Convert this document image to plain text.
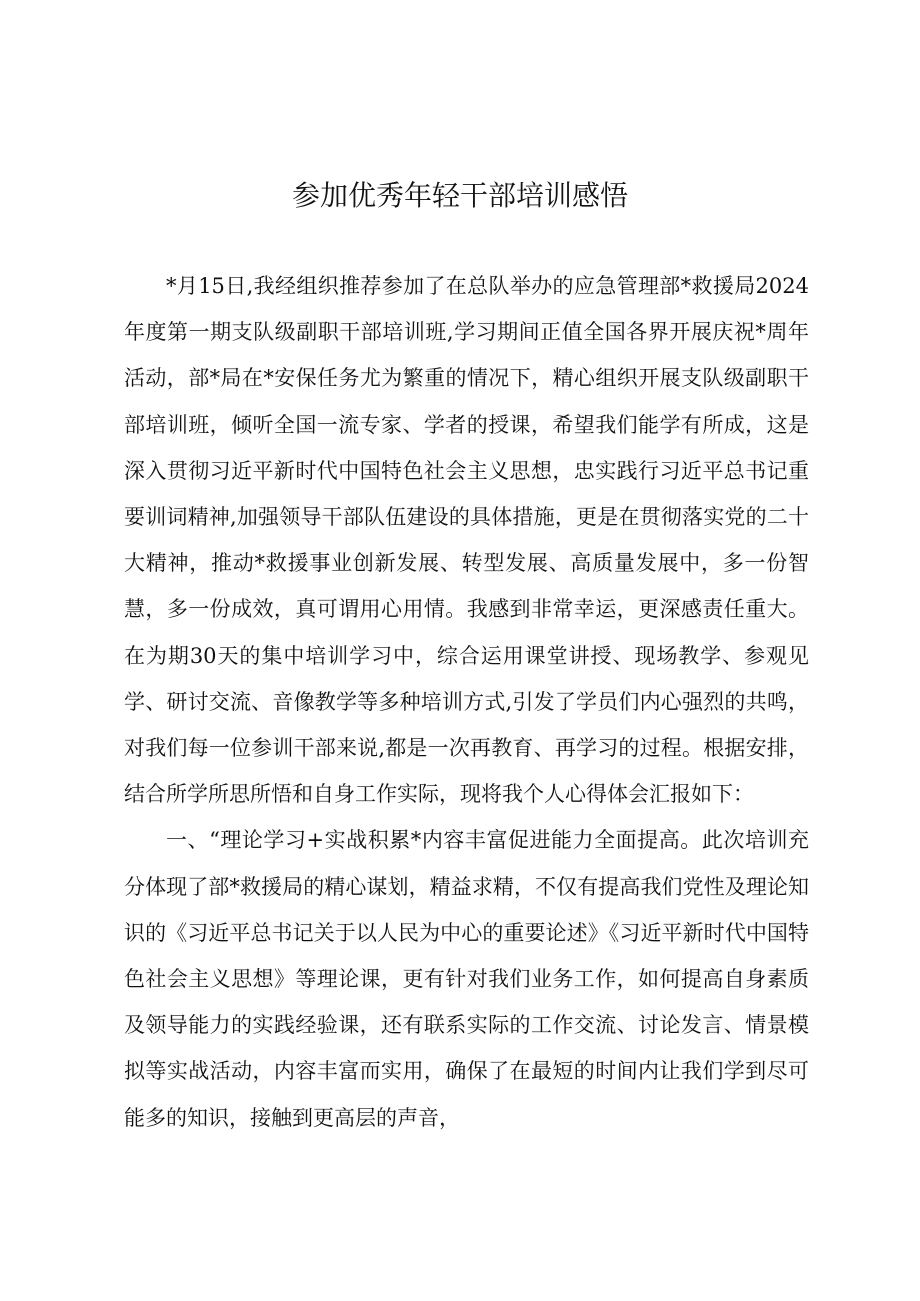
参加优秀年轻干部培训感悟

*月15日,我经组织推荐参加了在总队举办的应急管理部*救援局2024年度第一期支队级副职干部培训班,学习期间正值全国各界开展庆祝*周年活动，部*局在*安保任务尤为繁重的情况下，精心组织开展支队级副职干部培训班，倾听全国一流专家、学者的授课，希望我们能学有所成，这是深入贯彻习近平新时代中国特色社会主义思想，忠实践行习近平总书记重要训词精神,加强领导干部队伍建设的具体措施，更是在贯彻落实党的二十大精神，推动*救援事业创新发展、转型发展、高质量发展中，多一份智慧，多一份成效，真可谓用心用情。我感到非常幸运，更深感责任重大。在为期30天的集中培训学习中，综合运用课堂讲授、现场教学、参观见学、研讨交流、音像教学等多种培训方式,引发了学员们内心强烈的共鸣，对我们每一位参训干部来说,都是一次再教育、再学习的过程。根据安排，结合所学所思所悟和自身工作实际，现将我个人心得体会汇报如下：

一、“理论学习+实战积累*内容丰富促进能力全面提高。此次培训充分体现了部*救援局的精心谋划，精益求精，不仅有提高我们党性及理论知识的《习近平总书记关于以人民为中心的重要论述》《习近平新时代中国特色社会主义思想》等理论课，更有针对我们业务工作，如何提高自身素质及领导能力的实践经验课，还有联系实际的工作交流、讨论发言、情景模拟等实战活动，内容丰富而实用，确保了在最短的时间内让我们学到尽可能多的知识，接触到更高层的声音，
